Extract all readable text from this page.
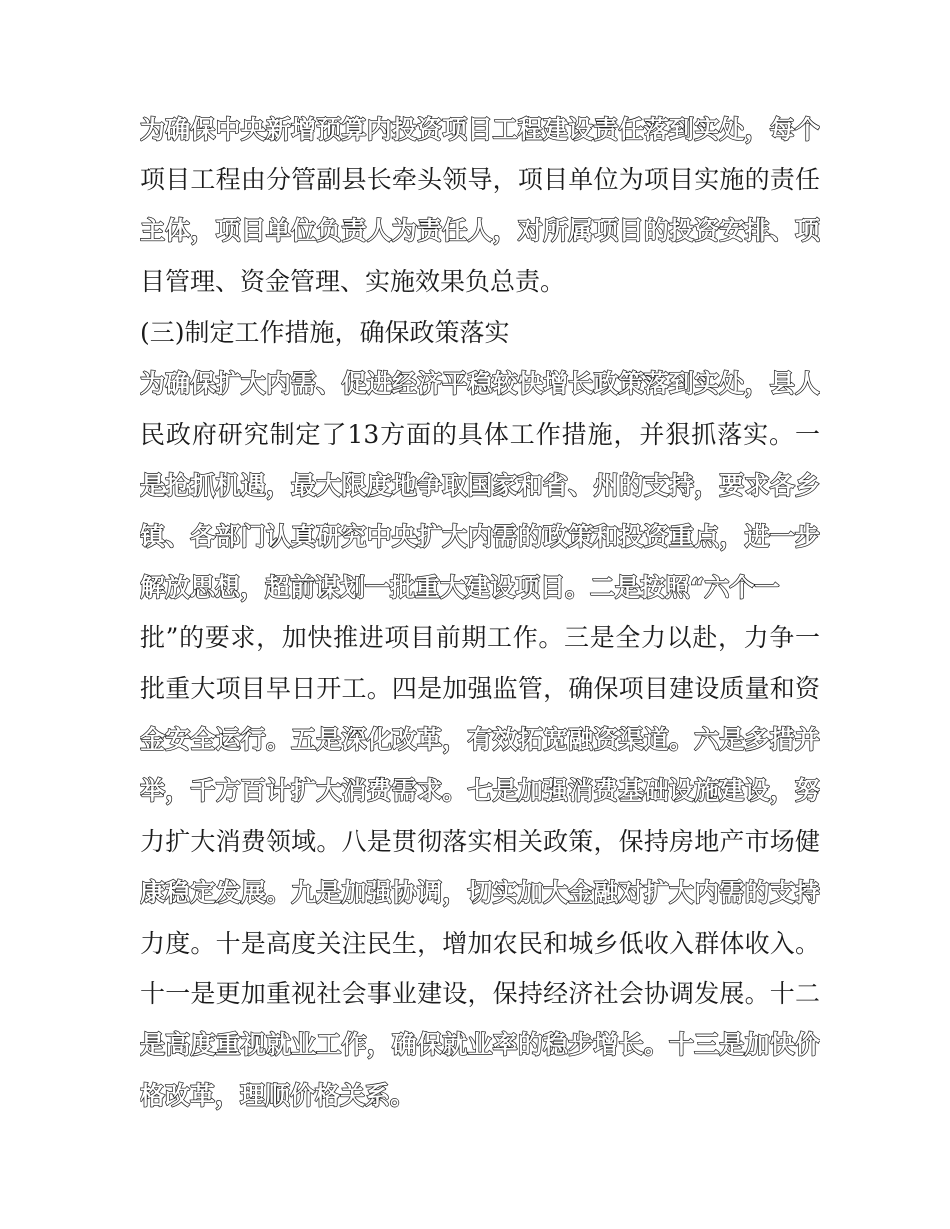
为确保中央新增预算内投资项目工程建设责任落到实处，每个
项目工程由分管副县长牵头领导，项目单位为项目实施的责任
主体，项目单位负责人为责任人，对所属项目的投资安排、项
目管理、资金管理、实施效果负总责。
(三)制定工作措施，确保政策落实
为确保扩大内需、促进经济平稳较快增长政策落到实处，县人
民政府研究制定了13方面的具体工作措施，并狠抓落实。一
是抢抓机遇，最大限度地争取国家和省、州的支持，要求各乡
镇、各部门认真研究中央扩大内需的政策和投资重点，进一步
解放思想，超前谋划一批重大建设项目。二是按照“六个一
批”的要求，加快推进项目前期工作。三是全力以赴，力争一
批重大项目早日开工。四是加强监管，确保项目建设质量和资
金安全运行。五是深化改革，有效拓宽融资渠道。六是多措并
举，千方百计扩大消费需求。七是加强消费基础设施建设，努
力扩大消费领域。八是贯彻落实相关政策，保持房地产市场健
康稳定发展。九是加强协调，切实加大金融对扩大内需的支持
力度。十是高度关注民生，增加农民和城乡低收入群体收入。
十一是更加重视社会事业建设，保持经济社会协调发展。十二
是高度重视就业工作，确保就业率的稳步增长。十三是加快价
格改革，理顺价格关系。
